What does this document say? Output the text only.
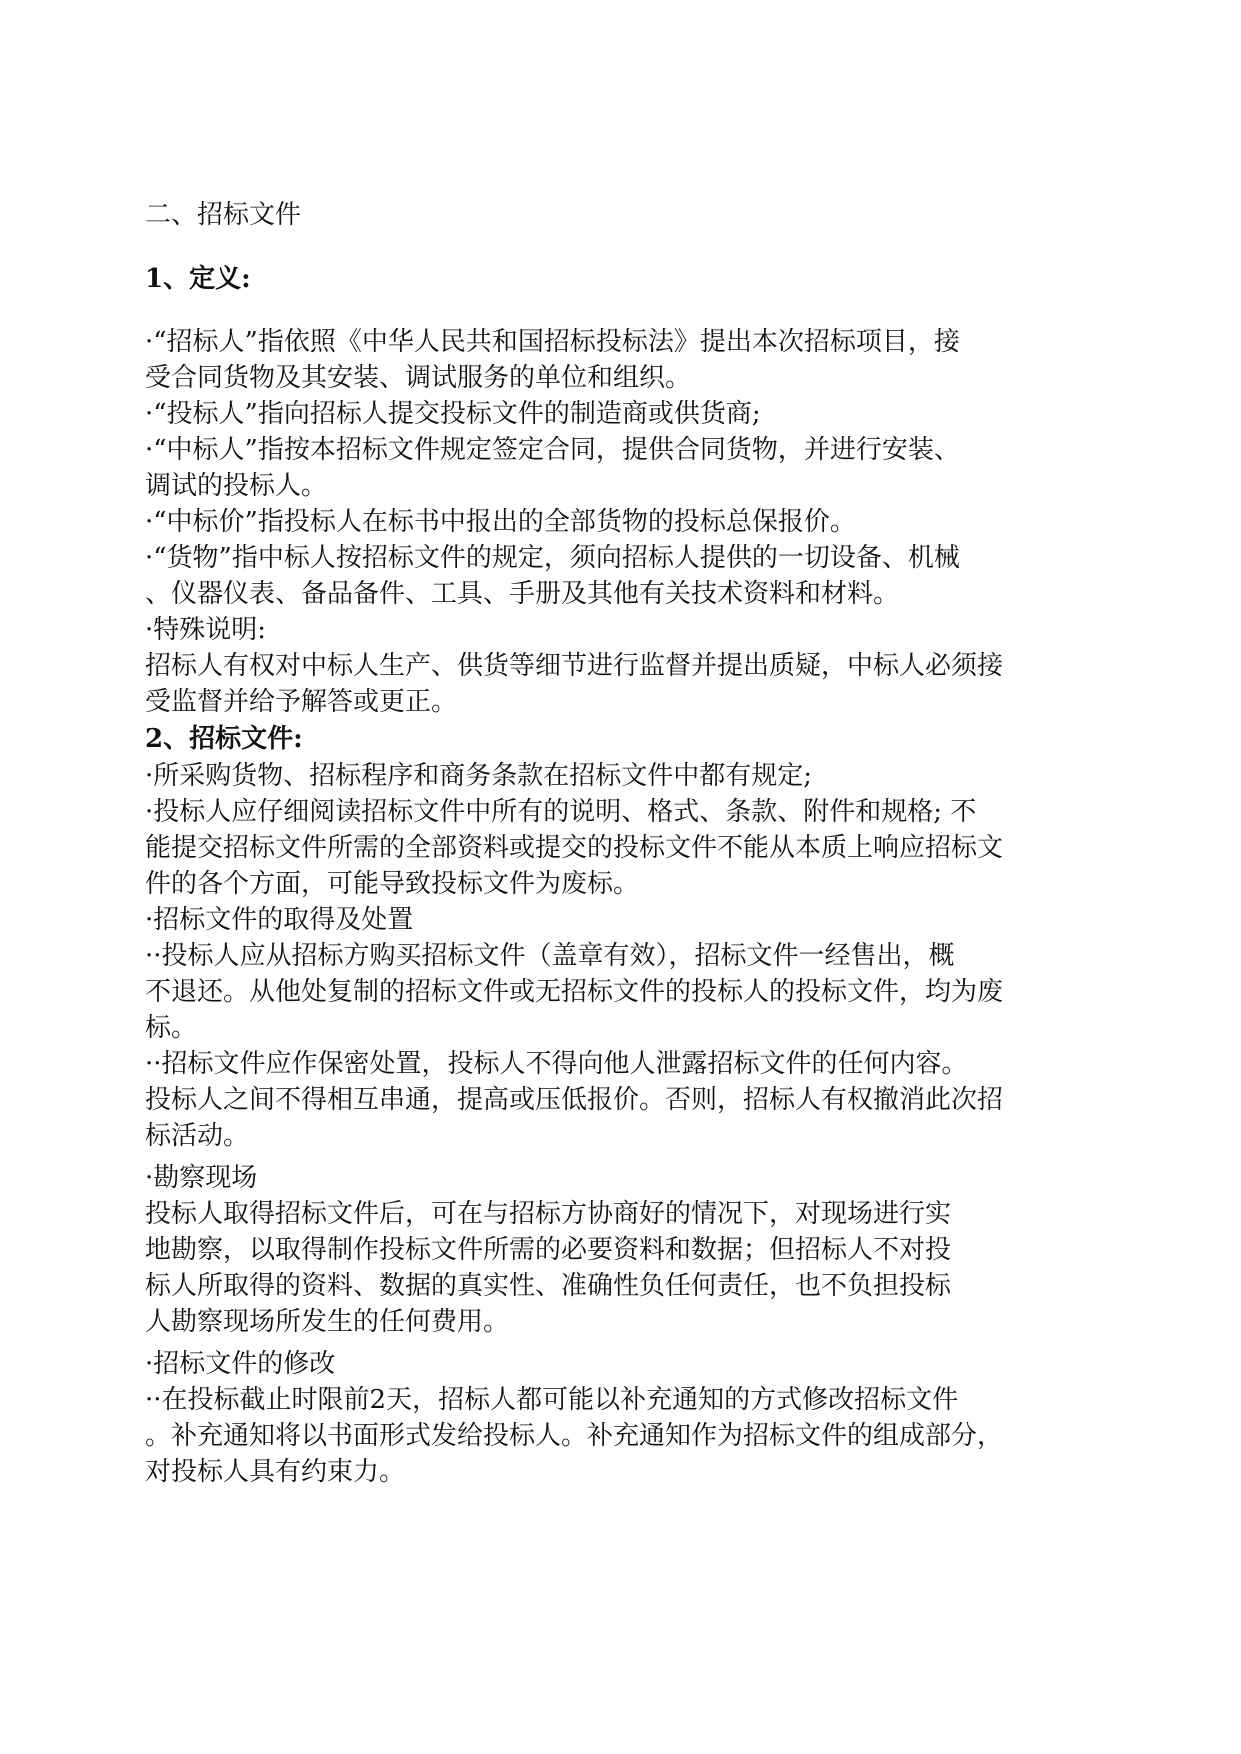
二、招标文件
1、定义:
·“招标人”指依照《中华人民共和国招标投标法》提出本次招标项目，接
受合同货物及其安装、调试服务的单位和组织。
·“投标人”指向招标人提交投标文件的制造商或供货商;
·“中标人”指按本招标文件规定签定合同，提供合同货物，并进行安装、
调试的投标人。
·“中标价”指投标人在标书中报出的全部货物的投标总保报价。
·“货物”指中标人按招标文件的规定，须向招标人提供的一切设备、机械
、仪器仪表、备品备件、工具、手册及其他有关技术资料和材料。
·特殊说明:
招标人有权对中标人生产、供货等细节进行监督并提出质疑，中标人必须接
受监督并给予解答或更正。
2、招标文件:
·所采购货物、招标程序和商务条款在招标文件中都有规定;
·投标人应仔细阅读招标文件中所有的说明、格式、条款、附件和规格; 不
能提交招标文件所需的全部资料或提交的投标文件不能从本质上响应招标文
件的各个方面，可能导致投标文件为废标。
·招标文件的取得及处置
··投标人应从招标方购买招标文件（盖章有效），招标文件一经售出，概
不退还。从他处复制的招标文件或无招标文件的投标人的投标文件，均为废
标。
··招标文件应作保密处置，投标人不得向他人泄露招标文件的任何内容。
投标人之间不得相互串通，提高或压低报价。否则，招标人有权撤消此次招
标活动。
·勘察现场
投标人取得招标文件后，可在与招标方协商好的情况下，对现场进行实
地勘察，以取得制作投标文件所需的必要资料和数据；但招标人不对投
标人所取得的资料、数据的真实性、准确性负任何责任，也不负担投标
人勘察现场所发生的任何费用。
·招标文件的修改
··在投标截止时限前2天，招标人都可能以补充通知的方式修改招标文件
。补充通知将以书面形式发给投标人。补充通知作为招标文件的组成部分，
对投标人具有约束力。
